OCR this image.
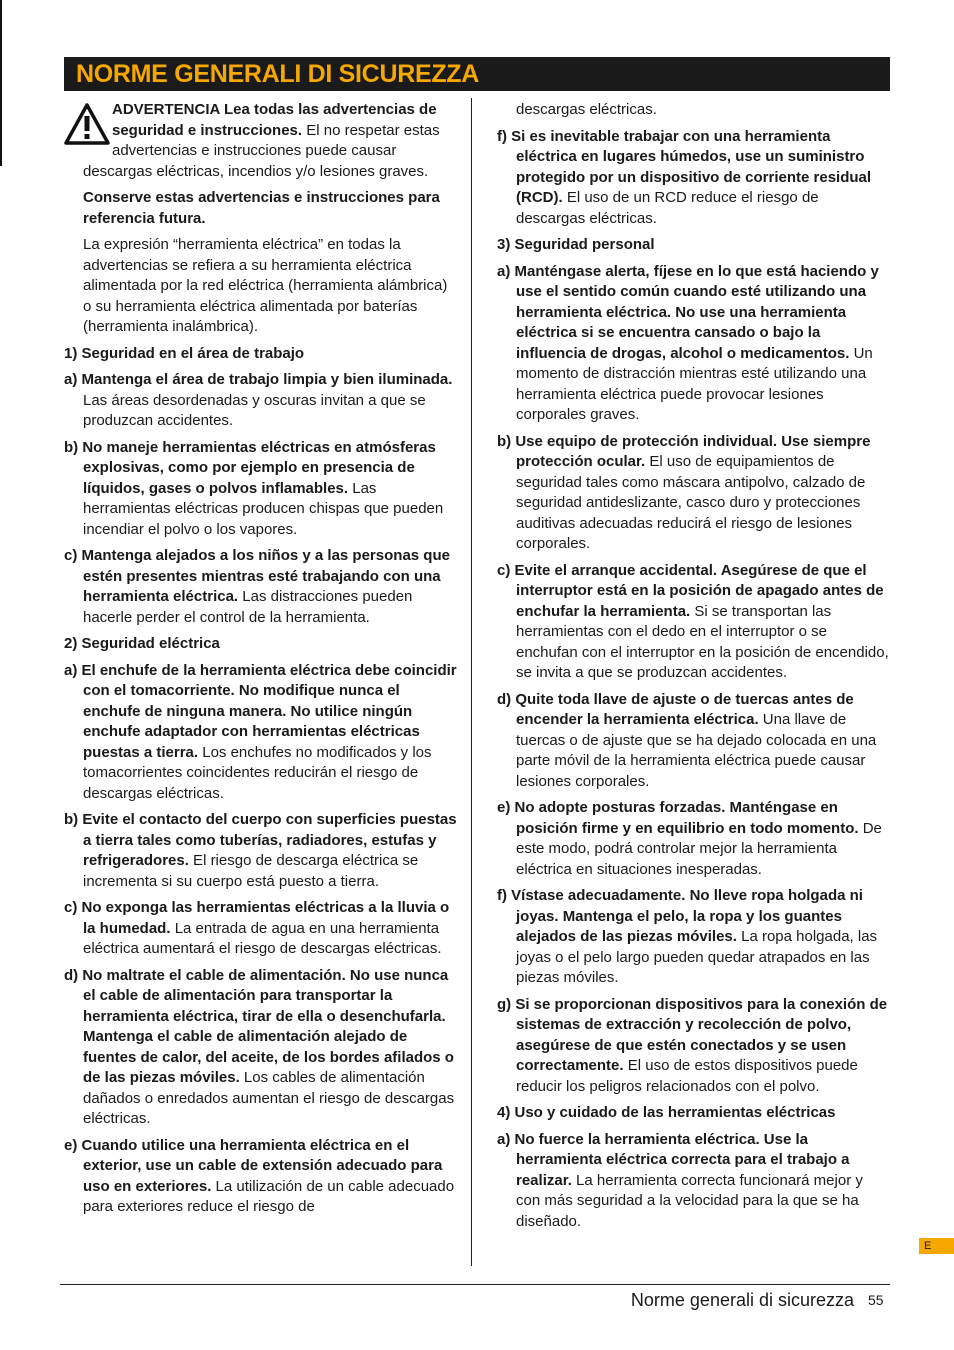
NORME GENERALI DI SICUREZZA
ADVERTENCIA Lea todas las advertencias de seguridad e instrucciones. El no respetar estas advertencias e instrucciones puede causar descargas eléctricas, incendios y/o lesiones graves.

Conserve estas advertencias e instrucciones para referencia futura.

La expresión “herramienta eléctrica” en todas la advertencias se refiera a su herramienta eléctrica alimentada por la red eléctrica (herramienta alámbrica) o su herramienta eléctrica alimentada por baterías (herramienta inalámbrica).

1) Seguridad en el área de trabajo

a) Mantenga el área de trabajo limpia y bien iluminada. Las áreas desordenadas y oscuras invitan a que se produzcan accidentes.

b) No maneje herramientas eléctricas en atmósferas explosivas, como por ejemplo en presencia de líquidos, gases o polvos inflamables. Las herramientas eléctricas producen chispas que pueden incendiar el polvo o los vapores.

c) Mantenga alejados a los niños y a las personas que estén presentes mientras esté trabajando con una herramienta eléctrica. Las distracciones pueden hacerle perder el control de la herramienta.

2) Seguridad eléctrica

a) El enchufe de la herramienta eléctrica debe coincidir con el tomacorriente. No modifique nunca el enchufe de ninguna manera. No utilice ningún enchufe adaptador con herramientas eléctricas puestas a tierra. Los enchufes no modificados y los tomacorrientes coincidentes reducirán el riesgo de descargas eléctricas.

b) Evite el contacto del cuerpo con superficies puestas a tierra tales como tuberías, radiadores, estufas y refrigeradores. El riesgo de descarga eléctrica se incrementa si su cuerpo está puesto a tierra.

c) No exponga las herramientas eléctricas a la lluvia o la humedad. La entrada de agua en una herramienta eléctrica aumentará el riesgo de descargas eléctricas.

d) No maltrate el cable de alimentación. No use nunca el cable de alimentación para transportar la herramienta eléctrica, tirar de ella o desenchufarla. Mantenga el cable de alimentación alejado de fuentes de calor, del aceite, de los bordes afilados o de las piezas móviles. Los cables de alimentación dañados o enredados aumentan el riesgo de descargas eléctricas.

e) Cuando utilice una herramienta eléctrica en el exterior, use un cable de extensión adecuado para uso en exteriores. La utilización de un cable adecuado para exteriores reduce el riesgo de

descargas eléctricas.

f) Si es inevitable trabajar con una herramienta eléctrica en lugares húmedos, use un suministro protegido por un dispositivo de corriente residual (RCD). El uso de un RCD reduce el riesgo de descargas eléctricas.

3) Seguridad personal

a) Manténgase alerta, fíjese en lo que está haciendo y use el sentido común cuando esté utilizando una herramienta eléctrica. No use una herramienta eléctrica si se encuentra cansado o bajo la influencia de drogas, alcohol o medicamentos. Un momento de distracción mientras esté utilizando una herramienta eléctrica puede provocar lesiones corporales graves.

b) Use equipo de protección individual. Use siempre protección ocular. El uso de equipamientos de seguridad tales como máscara antipolvo, calzado de seguridad antideslizante, casco duro y protecciones auditivas adecuadas reducirá el riesgo de lesiones corporales.

c) Evite el arranque accidental. Asegúrese de que el interruptor está en la posición de apagado antes de enchufar la herramienta. Si se transportan las herramientas con el dedo en el interruptor o se enchufan con el interruptor en la posición de encendido, se invita a que se produzcan accidentes.

d) Quite toda llave de ajuste o de tuercas antes de encender la herramienta eléctrica. Una llave de tuercas o de ajuste que se ha dejado colocada en una parte móvil de la herramienta eléctrica puede causar lesiones corporales.

e) No adopte posturas forzadas. Manténgase en posición firme y en equilibrio en todo momento. De este modo, podrá controlar mejor la herramienta eléctrica en situaciones inesperadas.

f) Vístase adecuadamente. No lleve ropa holgada ni joyas. Mantenga el pelo, la ropa y los guantes alejados de las piezas móviles. La ropa holgada, las joyas o el pelo largo pueden quedar atrapados en las piezas móviles.

g) Si se proporcionan dispositivos para la conexión de sistemas de extracción y recolección de polvo, asegúrese de que estén conectados y se usen correctamente. El uso de estos dispositivos puede reducir los peligros relacionados con el polvo.

4) Uso y cuidado de las herramientas eléctricas

a) No fuerce la herramienta eléctrica. Use la herramienta eléctrica correcta para el trabajo a realizar. La herramienta correcta funcionará mejor y con más seguridad a la velocidad para la que se ha diseñado.

E
Norme generali di sicurezza 55
